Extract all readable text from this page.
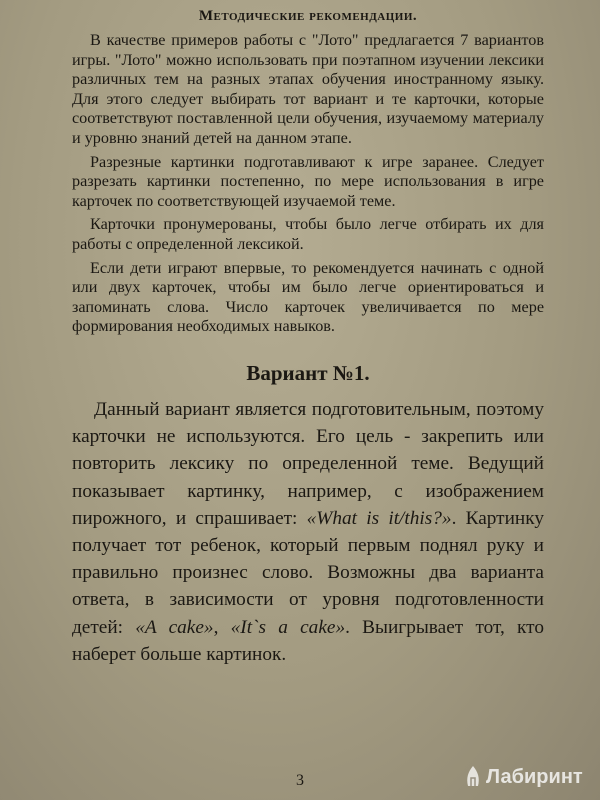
Методические рекомендации.

В качестве примеров работы с "Лото" предлагается 7 вариантов игры. "Лото" можно использовать при поэтапном изучении лексики различных тем на разных этапах обучения иностранному языку. Для этого следует выбирать тот вариант и те карточки, которые соответствуют поставленной цели обучения, изучаемому материалу и уровню знаний детей на данном этапе.

Разрезные картинки подготавливают к игре заранее. Следует разрезать картинки постепенно, по мере использования в игре карточек по соответствующей изучаемой теме.

Карточки пронумерованы, чтобы было легче отбирать их для работы с определенной лексикой.

Если дети играют впервые, то рекомендуется начинать с одной или двух карточек, чтобы им было легче ориентироваться и запоминать слова. Число карточек увеличивается по мере формирования необходимых навыков.

Вариант №1.

Данный вариант является подготовительным, поэтому карточки не используются. Его цель - закрепить или повторить лексику по определенной теме. Ведущий показывает картинку, например, с изображением пирожного, и спрашивает: «What is it/this?». Картинку получает тот ребенок, который первым поднял руку и правильно произнес слово. Возможны два варианта ответа, в зависимости от уровня подготовленности детей: «A cake», «It`s a cake». Выигрывает тот, кто наберет больше картинок.

3	Лабиринт
